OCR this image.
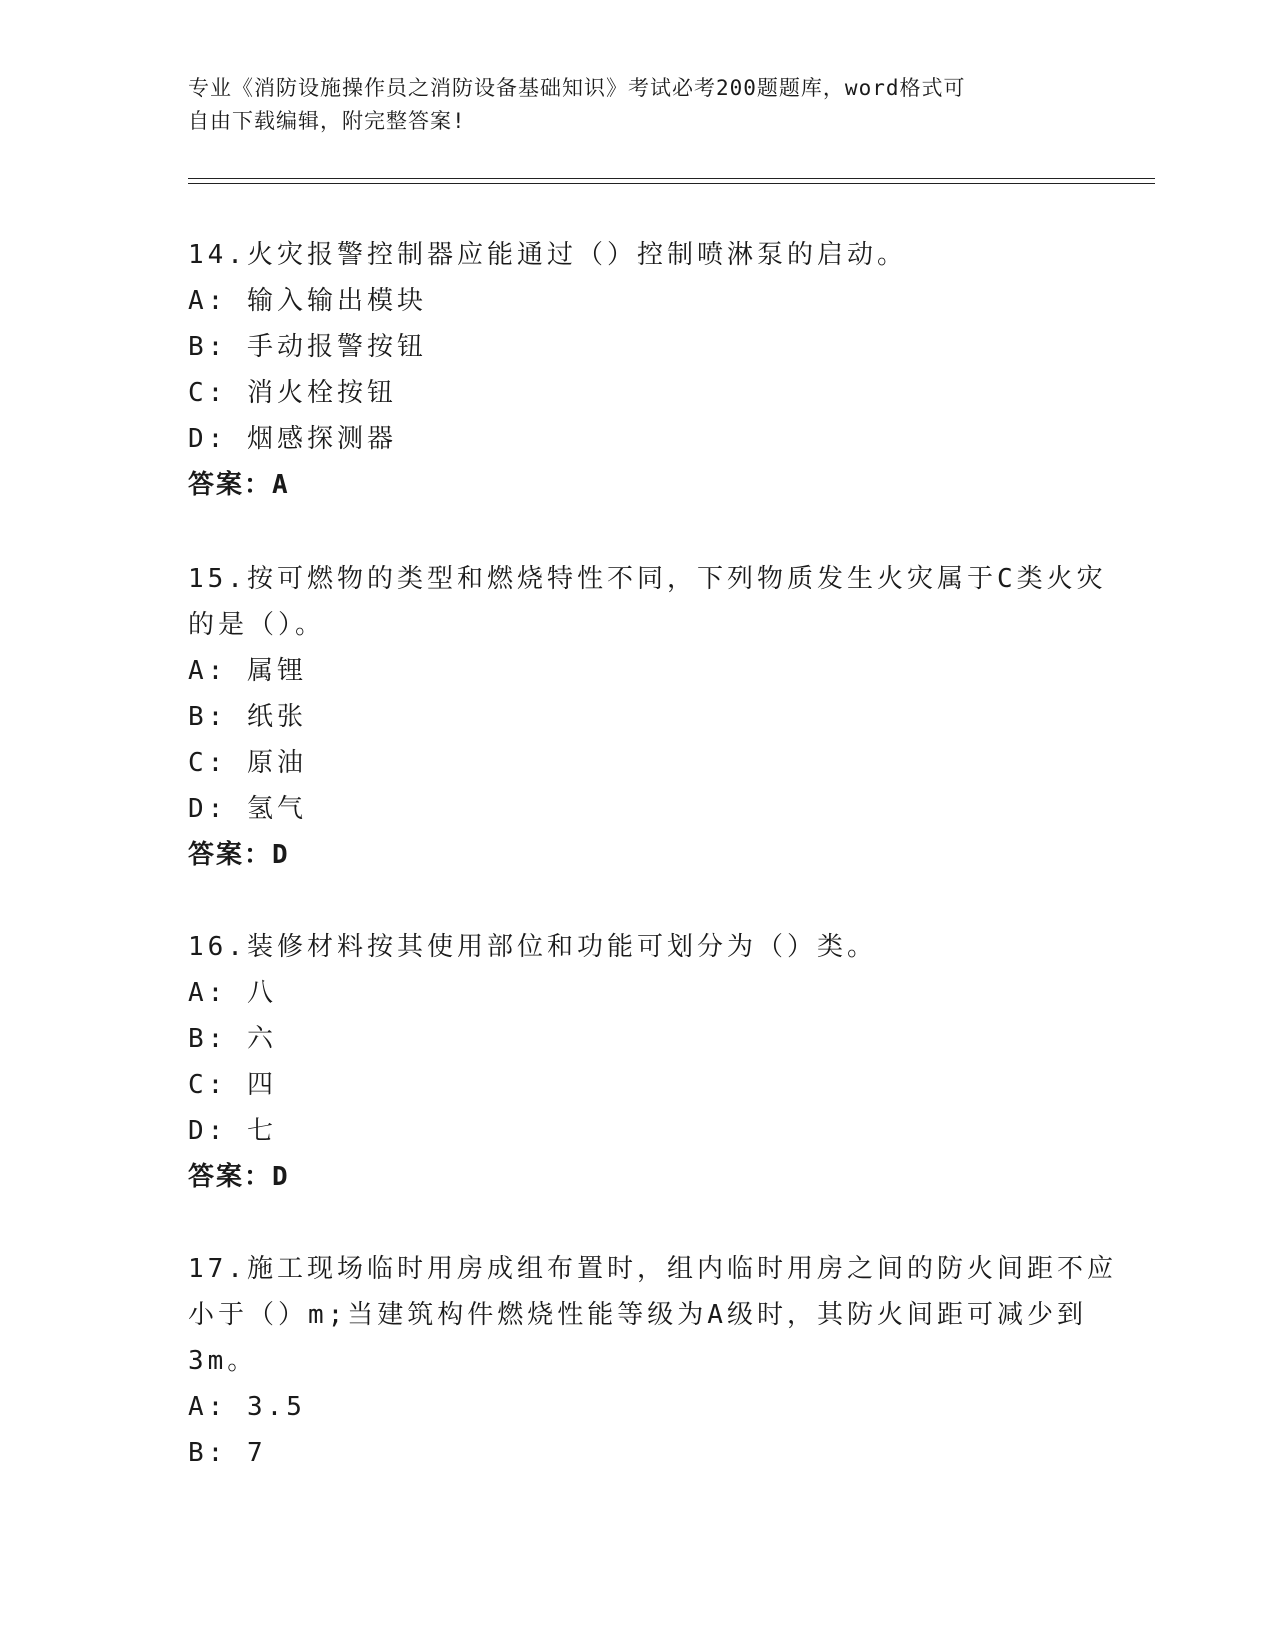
专业《消防设施操作员之消防设备基础知识》考试必考200题题库，word格式可
自由下载编辑，附完整答案!
14.火灾报警控制器应能通过（）控制喷淋泵的启动。
A: 输入输出模块
B: 手动报警按钮
C: 消火栓按钮
D: 烟感探测器
答案：A
15.按可燃物的类型和燃烧特性不同，下列物质发生火灾属于C类火灾
的是（）。
A: 属锂
B: 纸张
C: 原油
D: 氢气
答案：D
16.装修材料按其使用部位和功能可划分为（）类。
A: 八
B: 六
C: 四
D: 七
答案：D
17.施工现场临时用房成组布置时，组内临时用房之间的防火间距不应
小于（）m;当建筑构件燃烧性能等级为A级时，其防火间距可减少到
3m。
A: 3.5
B: 7
